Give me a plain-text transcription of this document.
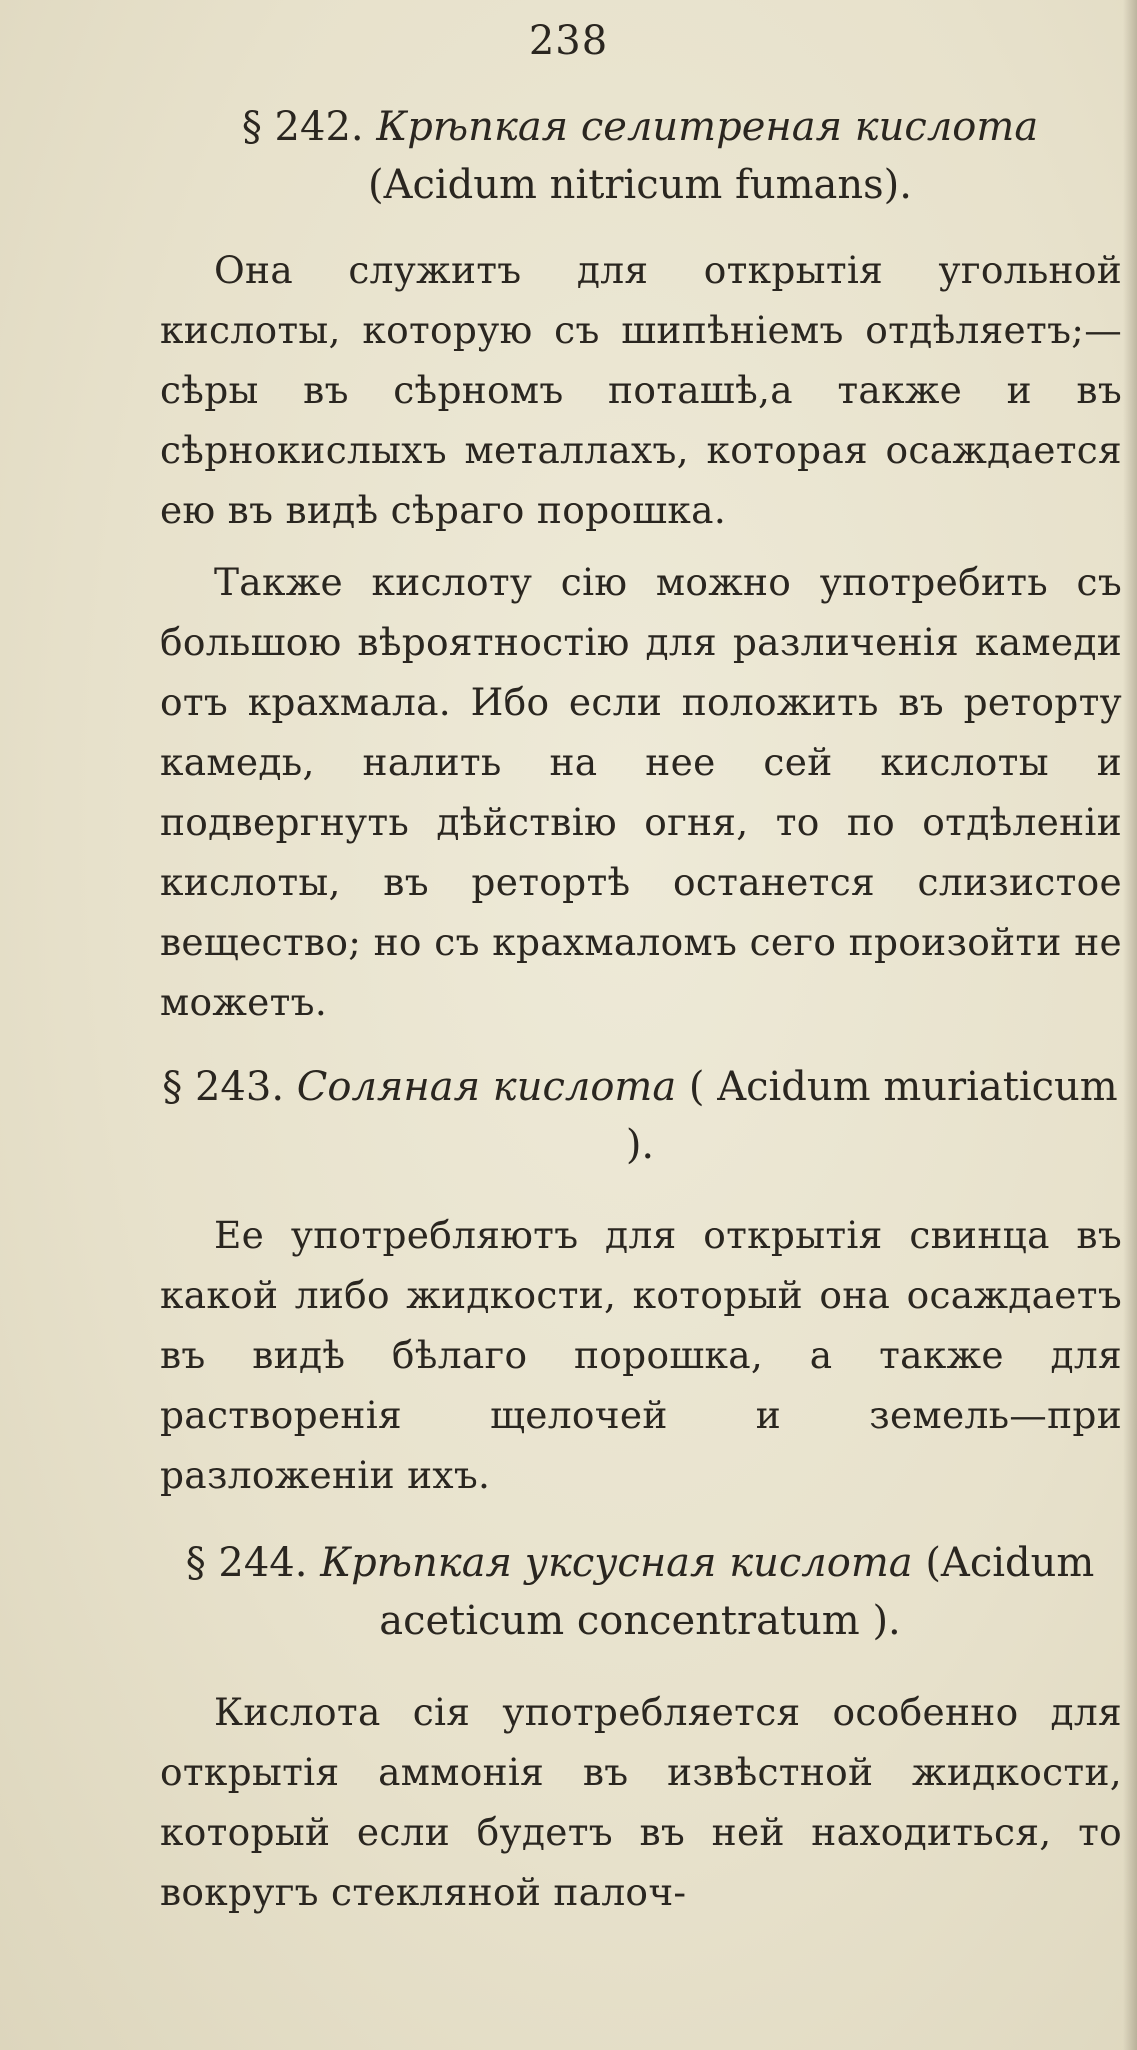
238
§ 242. Крѣпкая селитреная кислота
(Acidum nitricum fumans).

Она служитъ для открытія угольной кислоты, которую съ шипѣніемъ отдѣляетъ;—сѣры въ сѣрномъ поташѣ,а также и въ сѣрнокислыхъ металлахъ, которая осаждается ею въ видѣ сѣраго порошка.

Также кислоту сію можно употребить съ большою вѣроятностію для различенія камеди отъ крахмала. Ибо если положить въ реторту камедь, налить на нее сей кислоты и подвергнуть дѣйствію огня, то по отдѣленіи кислоты, въ ретортѣ останется слизистое вещество; но съ крахмаломъ сего произойти не можетъ.

§ 243. Соляная кислота ( Acidum muriaticum ).

Ее употребляютъ для открытія свинца въ какой либо жидкости, который она осаждаетъ въ видѣ бѣлаго порошка, а также для растворенія щелочей и земель—при разложеніи ихъ.

§ 244. Крѣпкая уксусная кислота (Acidum aceticum concentratum ).

Кислота сія употребляется особенно для открытія аммонія въ извѣстной жидкости, который если будетъ въ ней находиться, то вокругъ стекляной палоч-
